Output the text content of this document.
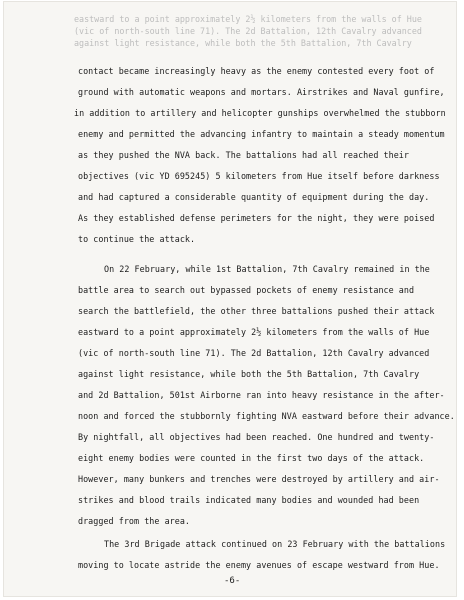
eastward to a point approximately 2½ kilometers from the walls of Hue
(vic of north-south line 71). The 2d Battalion, 12th Cavalry advanced
against light resistance, while both the 5th Battalion, 7th Cavalry
contact became increasingly heavy as the enemy contested every foot of
ground with automatic weapons and mortars. Airstrikes and Naval gunfire,
in addition to artillery and helicopter gunships overwhelmed the stubborn
enemy and permitted the advancing infantry to maintain a steady momentum
as they pushed the NVA back. The battalions had all reached their
objectives (vic YD 695245) 5 kilometers from Hue itself before darkness
and had captured a considerable quantity of equipment during the day.
As they established defense perimeters for the night, they were poised
to continue the attack.
On 22 February, while 1st Battalion, 7th Cavalry remained in the
battle area to search out bypassed pockets of enemy resistance and
search the battlefield, the other three battalions pushed their attack
eastward to a point approximately 2½ kilometers from the walls of Hue
(vic of north-south line 71). The 2d Battalion, 12th Cavalry advanced
against light resistance, while both the 5th Battalion, 7th Cavalry
and 2d Battalion, 501st Airborne ran into heavy resistance in the after-
noon and forced the stubbornly fighting NVA eastward before their advance.
By nightfall, all objectives had been reached. One hundred and twenty-
eight enemy bodies were counted in the first two days of the attack.
However, many bunkers and trenches were destroyed by artillery and air-
strikes and blood trails indicated many bodies and wounded had been
dragged from the area.
The 3rd Brigade attack continued on 23 February with the battalions
moving to locate astride the enemy avenues of escape westward from Hue.
-6-
